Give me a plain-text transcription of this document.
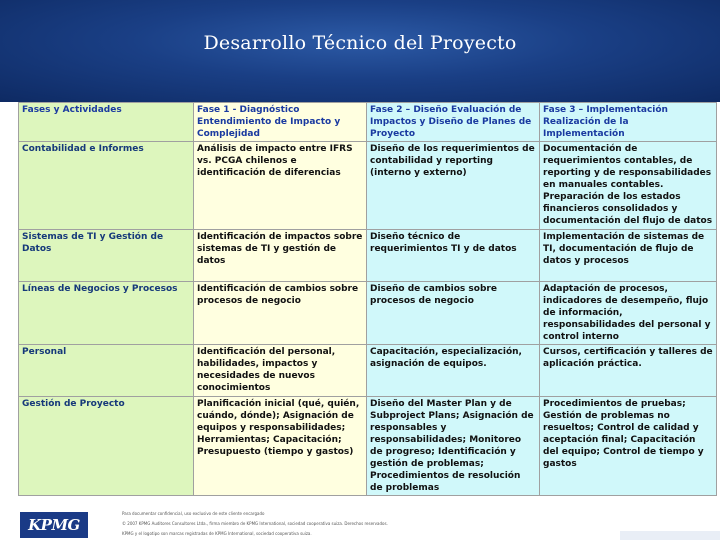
Desarrollo Técnico del Proyecto
Fases y Actividades	Fase 1 - Diagnóstico Entendimiento de Impacto y Complejidad	Fase 2 – Diseño Evaluación de Impactos y Diseño de Planes de Proyecto	Fase 3 – Implementación Realización de la Implementación
Contabilidad e Informes	Análisis de impacto entre IFRS vs. PCGA chilenos e identificación de diferencias	Diseño de los requerimientos de contabilidad y reporting (interno y externo)	Documentación de requerimientos contables, de reporting y de responsabilidades en manuales contables. Preparación de los estados financieros consolidados y documentación del flujo de datos
Sistemas de TI y Gestión de Datos	Identificación de impactos sobre sistemas de TI y gestión de datos	Diseño técnico de requerimientos TI y de datos	Implementación de sistemas de TI, documentación de flujo de datos y procesos
Líneas de Negocios y Procesos	Identificación de cambios sobre procesos de negocio	Diseño de cambios sobre procesos de negocio	Adaptación de procesos, indicadores de desempeño, flujo de información, responsabilidades del personal y control interno
Personal	Identificación del personal, habilidades, impactos y necesidades de nuevos conocimientos	Capacitación, especialización, asignación de equipos.	Cursos, certificación y talleres de aplicación práctica.
Gestión de Proyecto	Planificación inicial (qué, quién, cuándo, dónde); Asignación de equipos y responsabilidades; Herramientas; Capacitación; Presupuesto (tiempo y gastos)	Diseño del Master Plan y de Subproject Plans; Asignación de responsables y responsabilidades; Monitoreo de progreso; Identificación y gestión de problemas; Procedimientos de resolución de problemas	Procedimientos de pruebas; Gestión de problemas no resueltos; Control de calidad y aceptación final; Capacitación del equipo; Control de tiempo y gastos
KPMG
Para documentar confidencial, uso exclusivo de este cliente encargado
© 2007 KPMG Auditores Consultores Ltda., firma miembro de KPMG International, sociedad cooperativa suiza. Derechos reservados.
KPMG y el logotipo son marcas registradas de KPMG International, sociedad cooperativa suiza.
